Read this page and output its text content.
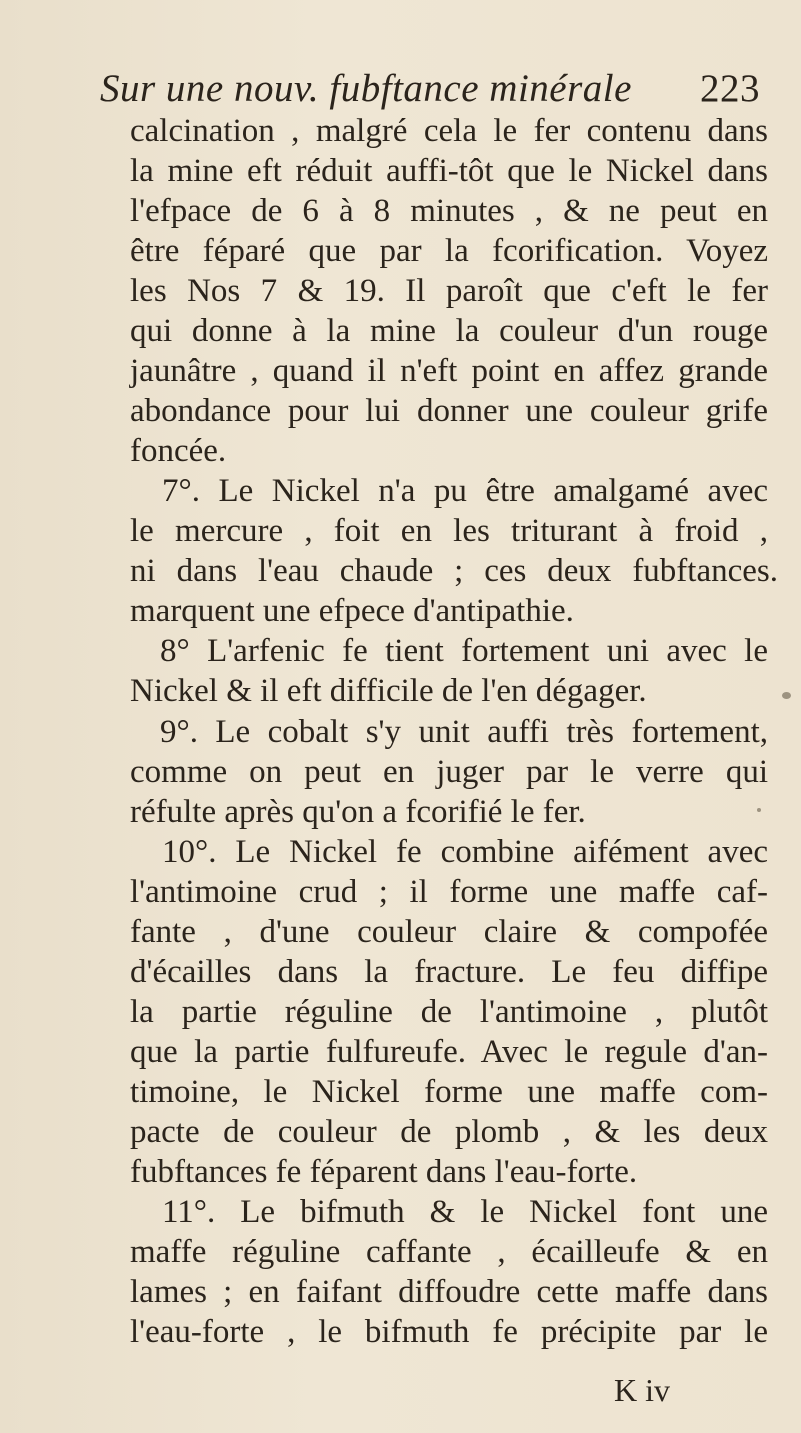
Sur une nouv. fubftance minérale 223
calcination , malgré cela le fer contenu dans
la mine eft réduit auffi-tôt que le Nickel dans
l'efpace de 6 à 8 minutes , & ne peut en
être féparé que par la fcorification. Voyez
les Nos 7 & 19. Il paroît que c'eft le fer
qui donne à la mine la couleur d'un rouge
jaunâtre , quand il n'eft point en affez grande
abondance pour lui donner une couleur grife
foncée.
7°. Le Nickel n'a pu être amalgamé avec
le mercure , foit en les triturant à froid ,
ni dans l'eau chaude ; ces deux fubftances.
marquent une efpece d'antipathie.
8° L'arfenic fe tient fortement uni avec le
Nickel & il eft difficile de l'en dégager.
9°. Le cobalt s'y unit auffi très fortement,
comme on peut en juger par le verre qui
réfulte après qu'on a fcorifié le fer.
10°. Le Nickel fe combine aifément avec
l'antimoine crud ; il forme une maffe caf-
fante , d'une couleur claire & compofée
d'écailles dans la fracture. Le feu diffipe
la partie réguline de l'antimoine , plutôt
que la partie fulfureufe. Avec le regule d'an-
timoine, le Nickel forme une maffe com-
pacte de couleur de plomb , & les deux
fubftances fe féparent dans l'eau-forte.
11°. Le bifmuth & le Nickel font une
maffe réguline caffante , écailleufe & en
lames ; en faifant diffoudre cette maffe dans
l'eau-forte , le bifmuth fe précipite par le
K iv
